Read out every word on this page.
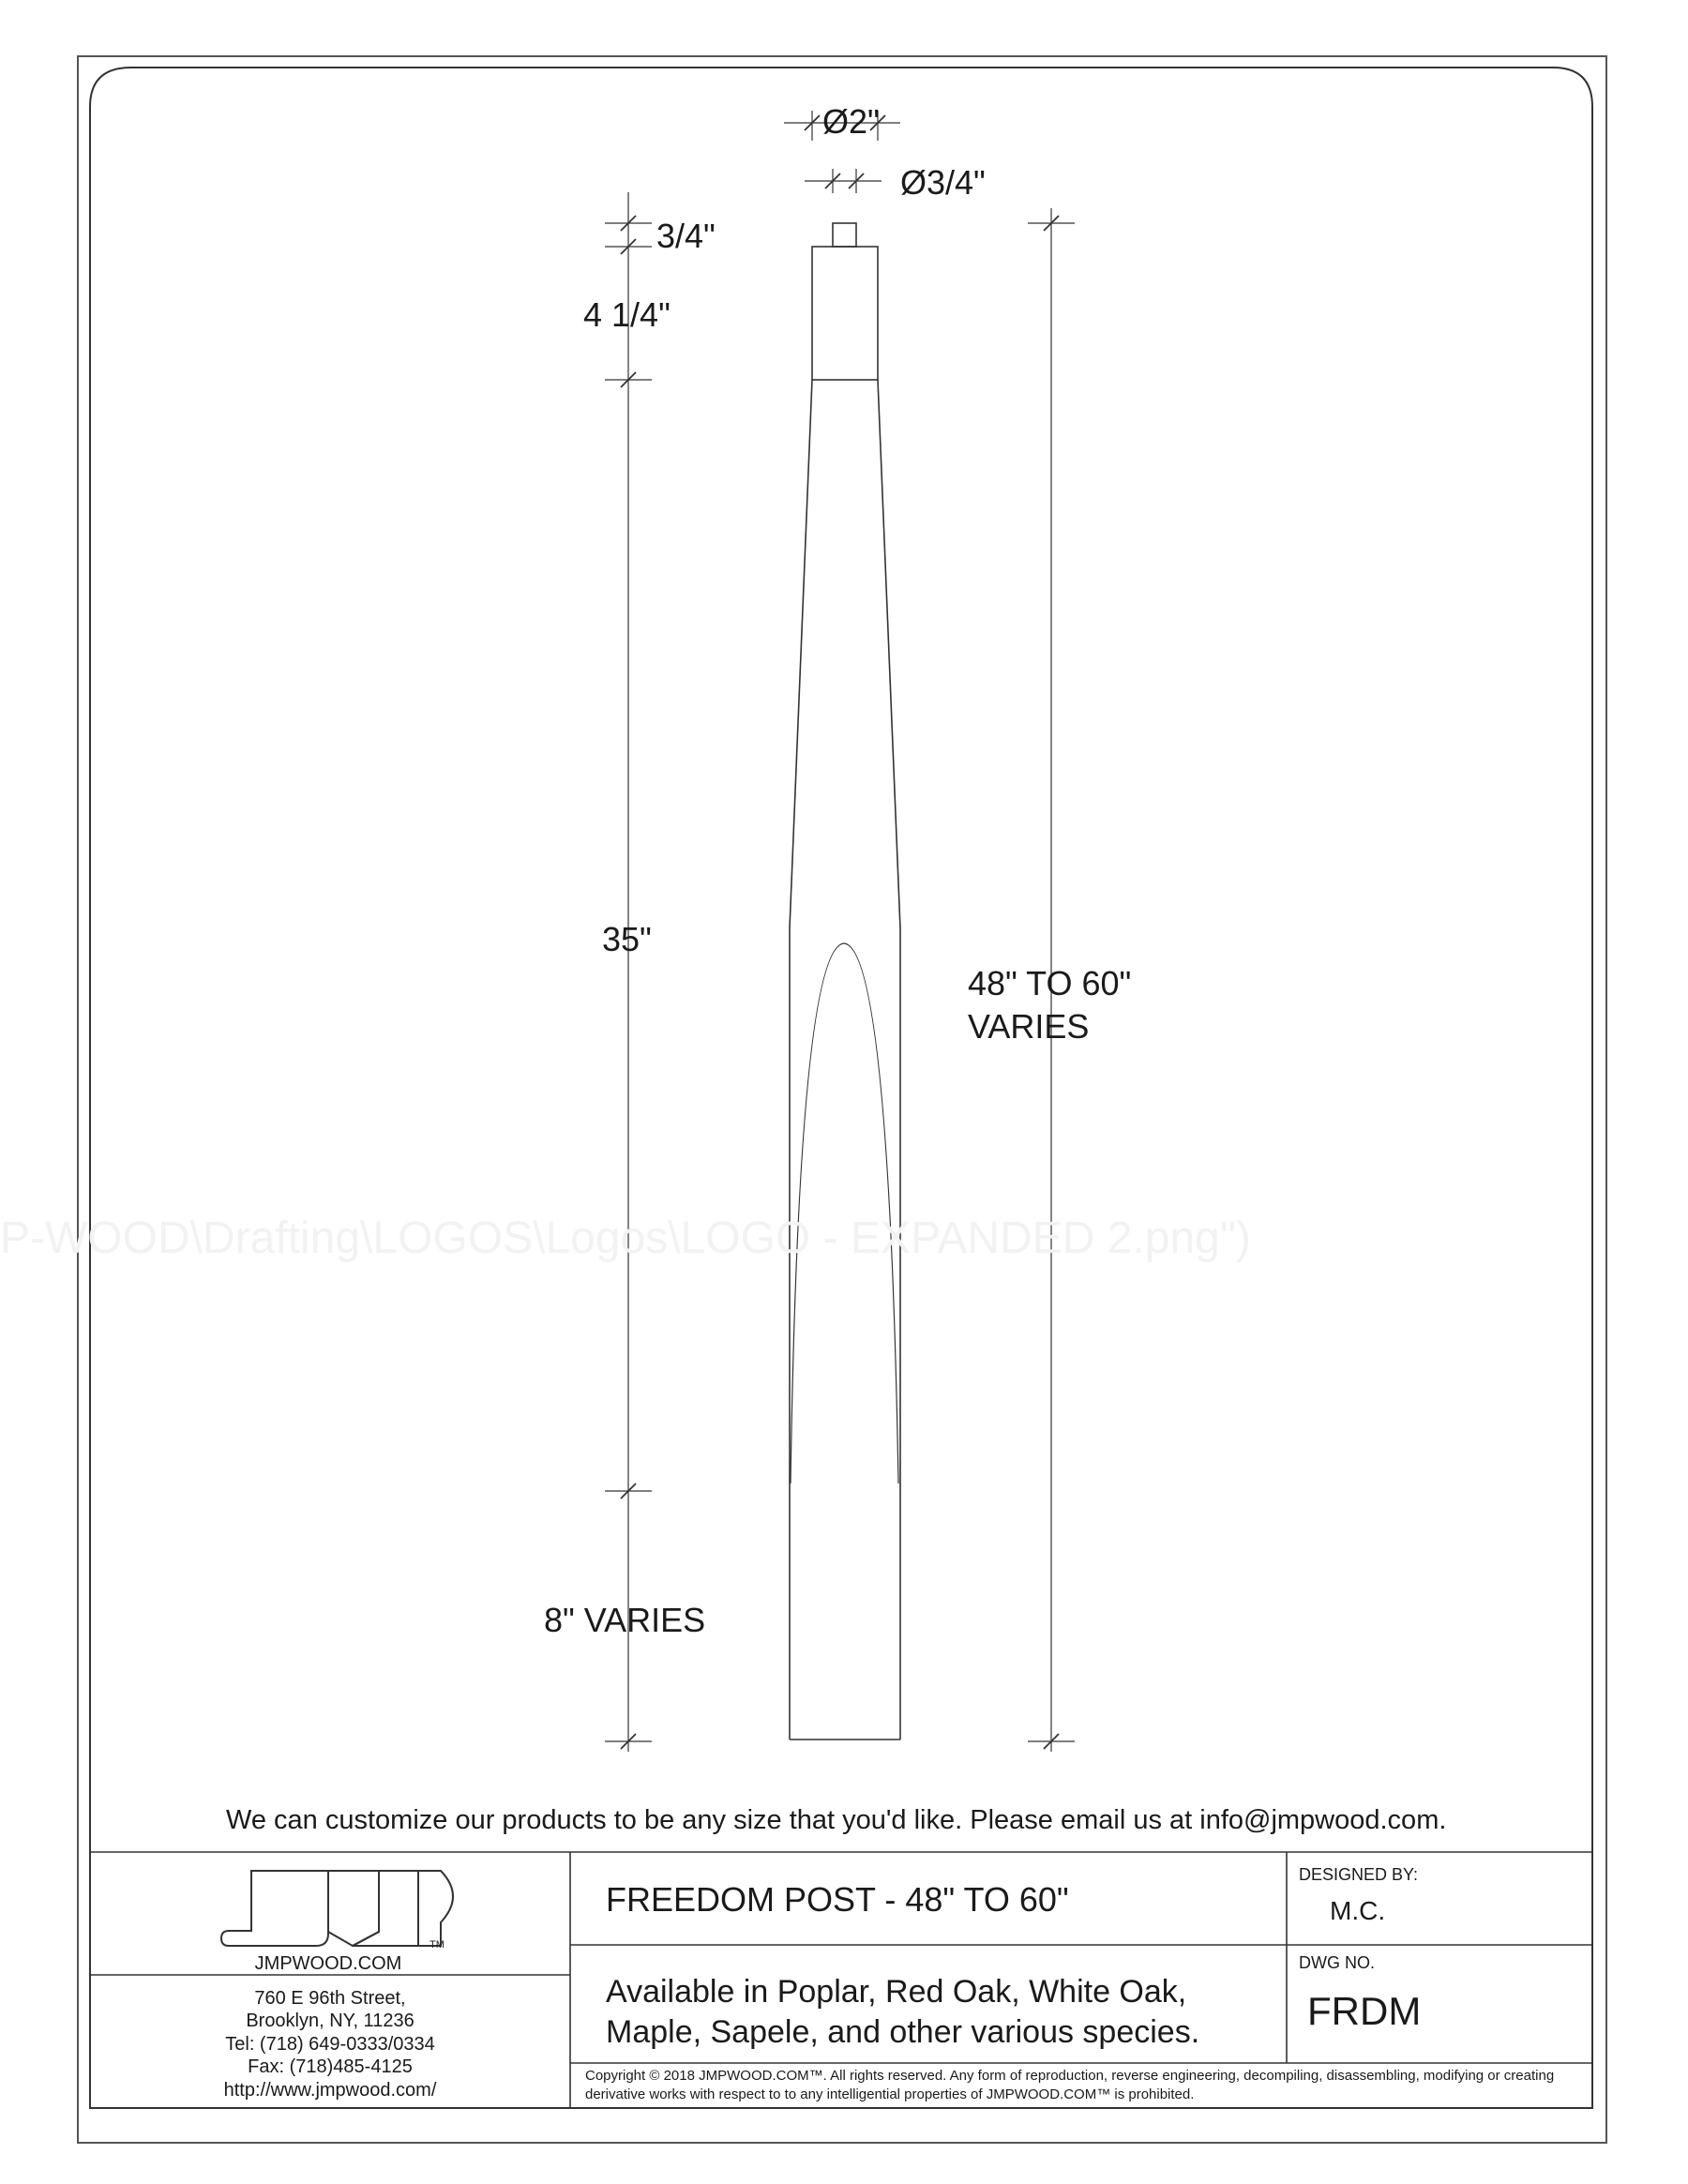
P-WOOD\Drafting\LOGOS\Logos\LOGO - EXPANDED 2.png")

Ø2"

Ø3/4"

3/4"

4 1/4"

35"

8" VARIES

48" TO 60"

VARIES

We can customize our products to be any size that you'd like. Please email us at info@jmpwood.com.

TM

JMPWOOD.COM

760 E 96th Street,
Brooklyn, NY, 11236
Tel: (718) 649-0333/0334
Fax: (718)485-4125
http://www.jmpwood.com/

FREEDOM POST - 48" TO 60"

Available in Poplar, Red Oak, White Oak,
Maple, Sapele, and other various species.

DESIGNED BY:

M.C.

DWG NO.

FRDM

Copyright © 2018 JMPWOOD.COM™. All rights reserved. Any form of reproduction, reverse engineering, decompiling, disassembling, modifying or creating derivative works with respect to to any intelligential properties of JMPWOOD.COM™ is prohibited.
